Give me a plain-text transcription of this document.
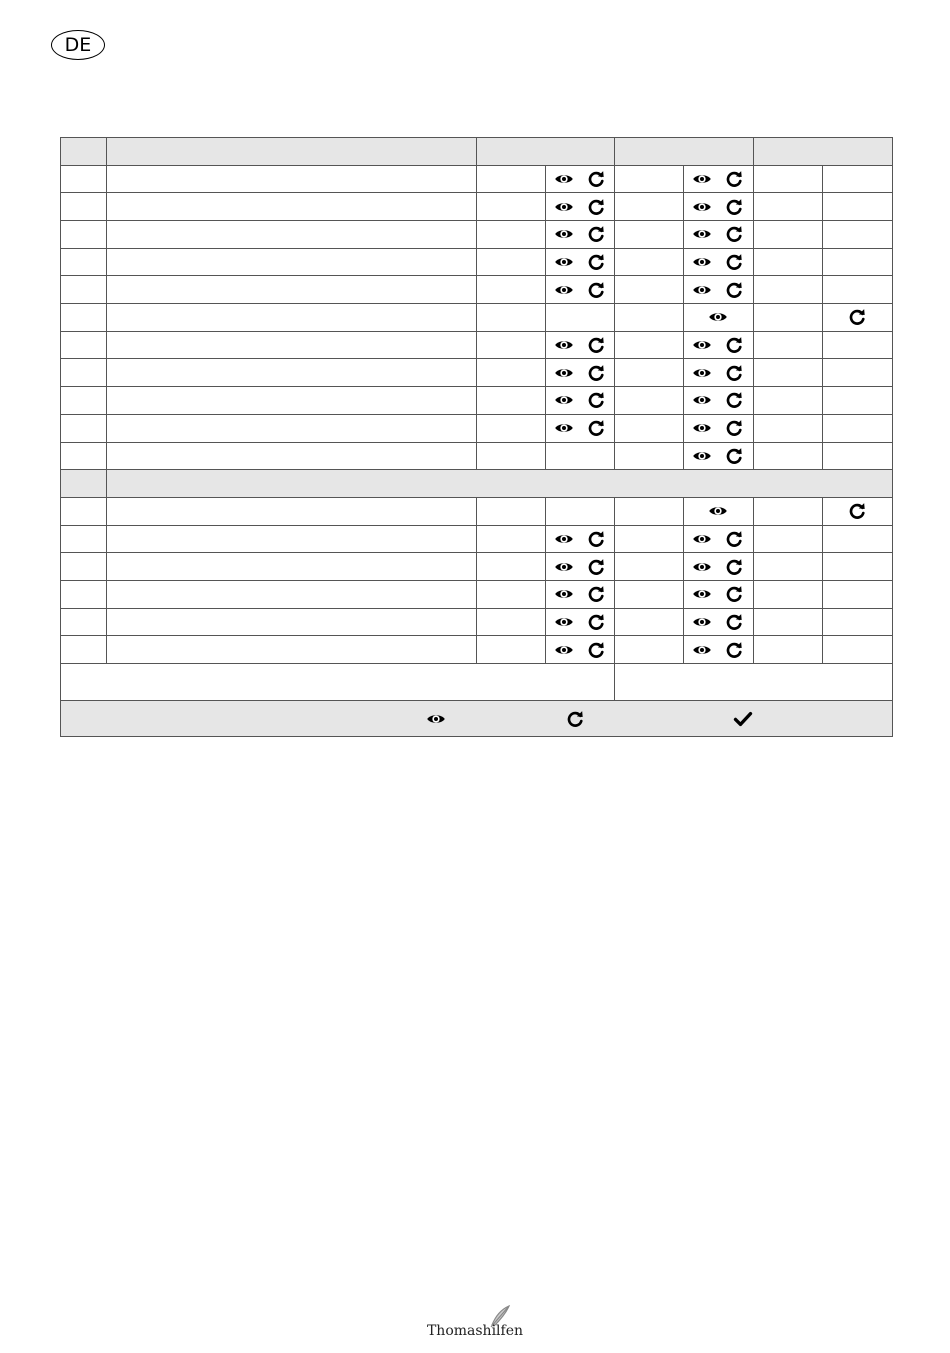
DE
Thomashilfen
